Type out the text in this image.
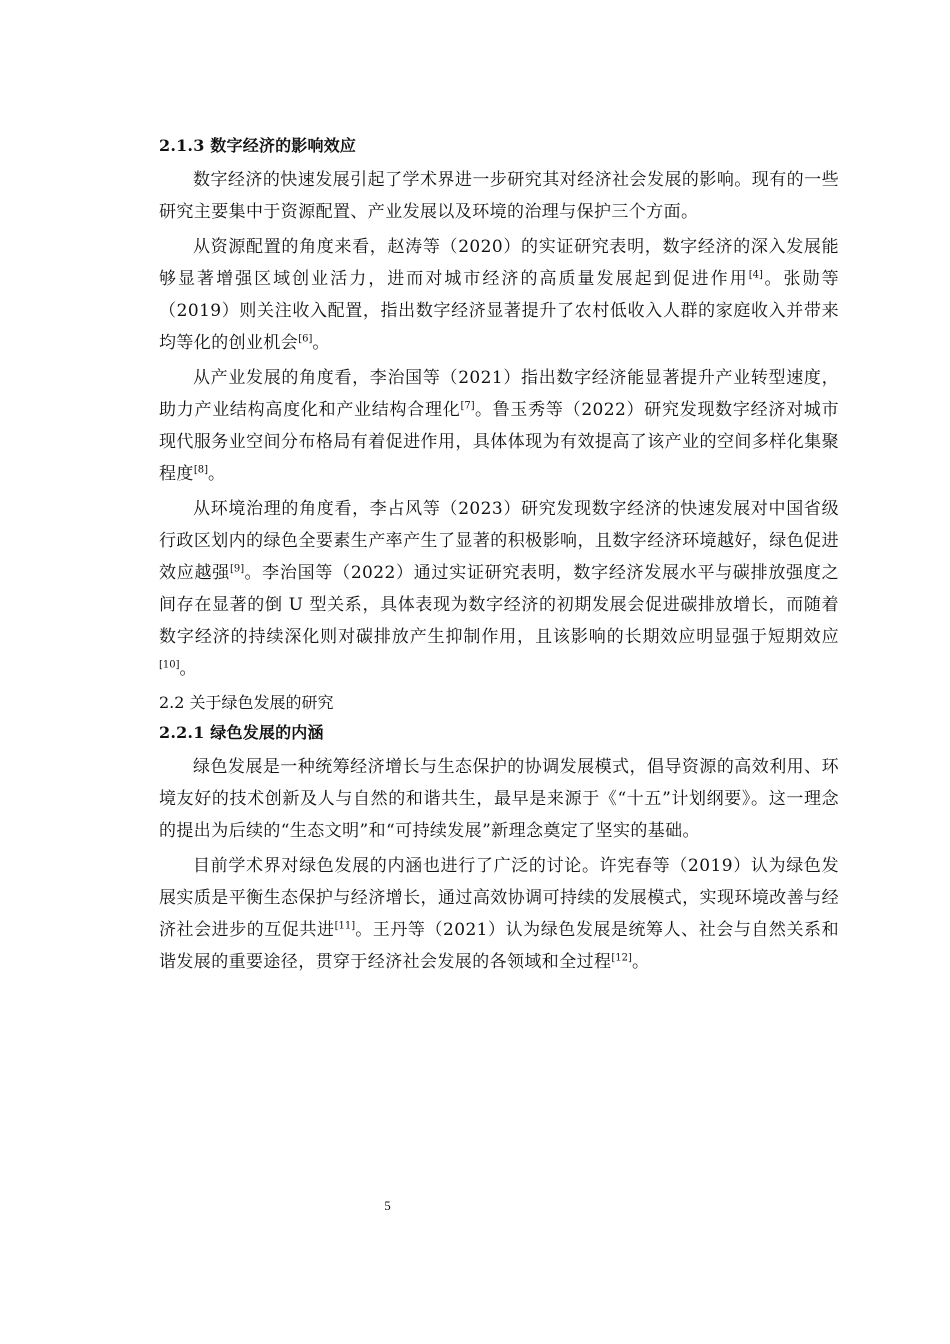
2.1.3 数字经济的影响效应

数字经济的快速发展引起了学术界进一步研究其对经济社会发展的影响。现有的一些研究主要集中于资源配置、产业发展以及环境的治理与保护三个方面。

从资源配置的角度来看，赵涛等（2020）的实证研究表明，数字经济的深入发展能够显著增强区域创业活力，进而对城市经济的高质量发展起到促进作用[4]。张勋等（2019）则关注收入配置，指出数字经济显著提升了农村低收入人群的家庭收入并带来均等化的创业机会[6]。

从产业发展的角度看，李治国等（2021）指出数字经济能显著提升产业转型速度，助力产业结构高度化和产业结构合理化[7]。鲁玉秀等（2022）研究发现数字经济对城市现代服务业空间分布格局有着促进作用，具体体现为有效提高了该产业的空间多样化集聚程度[8]。

从环境治理的角度看，李占风等（2023）研究发现数字经济的快速发展对中国省级行政区划内的绿色全要素生产率产生了显著的积极影响，且数字经济环境越好，绿色促进效应越强[9]。李治国等（2022）通过实证研究表明，数字经济发展水平与碳排放强度之间存在显著的倒 U 型关系，具体表现为数字经济的初期发展会促进碳排放增长，而随着数字经济的持续深化则对碳排放产生抑制作用，且该影响的长期效应明显强于短期效应[10]。

2.2 关于绿色发展的研究
2.2.1 绿色发展的内涵

绿色发展是一种统筹经济增长与生态保护的协调发展模式，倡导资源的高效利用、环境友好的技术创新及人与自然的和谐共生，最早是来源于《“十五”计划纲要》。这一理念的提出为后续的“生态文明”和“可持续发展”新理念奠定了坚实的基础。

目前学术界对绿色发展的内涵也进行了广泛的讨论。许宪春等（2019）认为绿色发展实质是平衡生态保护与经济增长，通过高效协调可持续的发展模式，实现环境改善与经济社会进步的互促共进[11]。王丹等（2021）认为绿色发展是统筹人、社会与自然关系和谐发展的重要途径，贯穿于经济社会发展的各领域和全过程[12]。

5
